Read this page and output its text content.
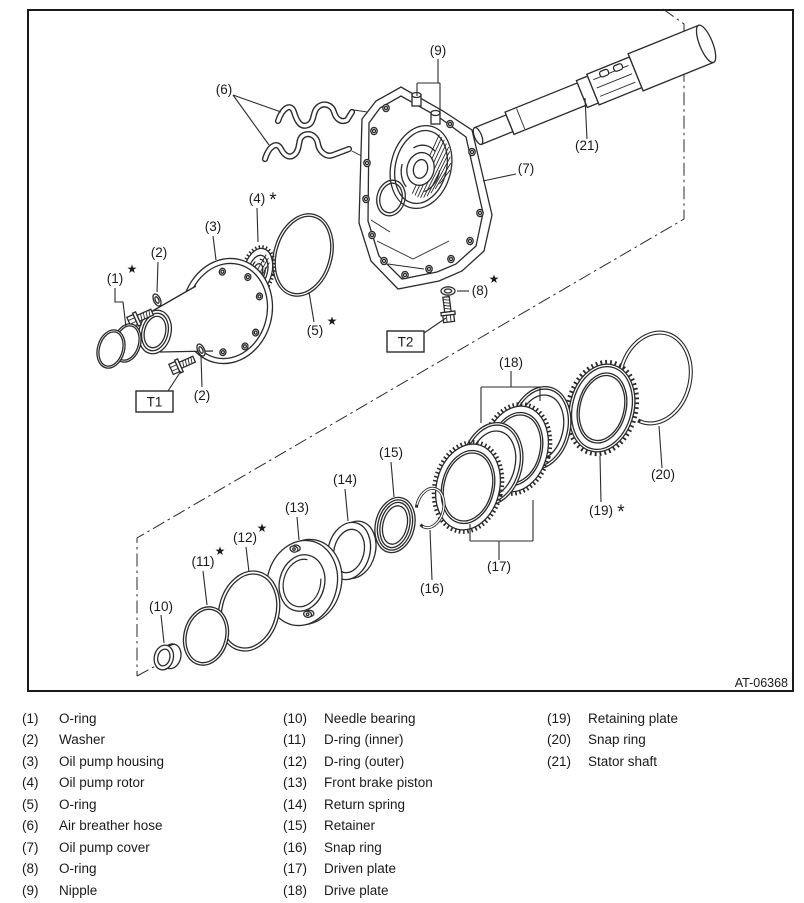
(1)
★
(2)
(3)
(4) *
(5)
★
(6)
(7)
(8)
★
(9)
(2)
(10)
(11)
★
(12)
★
(13)
(14)
(15)
(16)
(17)
(18)
(19) *
(20)
(21)
T1
T2
AT-06368
(1) O-ring
(2) Washer
(3) Oil pump housing
(4) Oil pump rotor
(5) O-ring
(6) Air breather hose
(7) Oil pump cover
(8) O-ring
(9) Nipple
(10) Needle bearing
(11) D-ring (inner)
(12) D-ring (outer)
(13) Front brake piston
(14) Return spring
(15) Retainer
(16) Snap ring
(17) Driven plate
(18) Drive plate
(19) Retaining plate
(20) Snap ring
(21) Stator shaft
